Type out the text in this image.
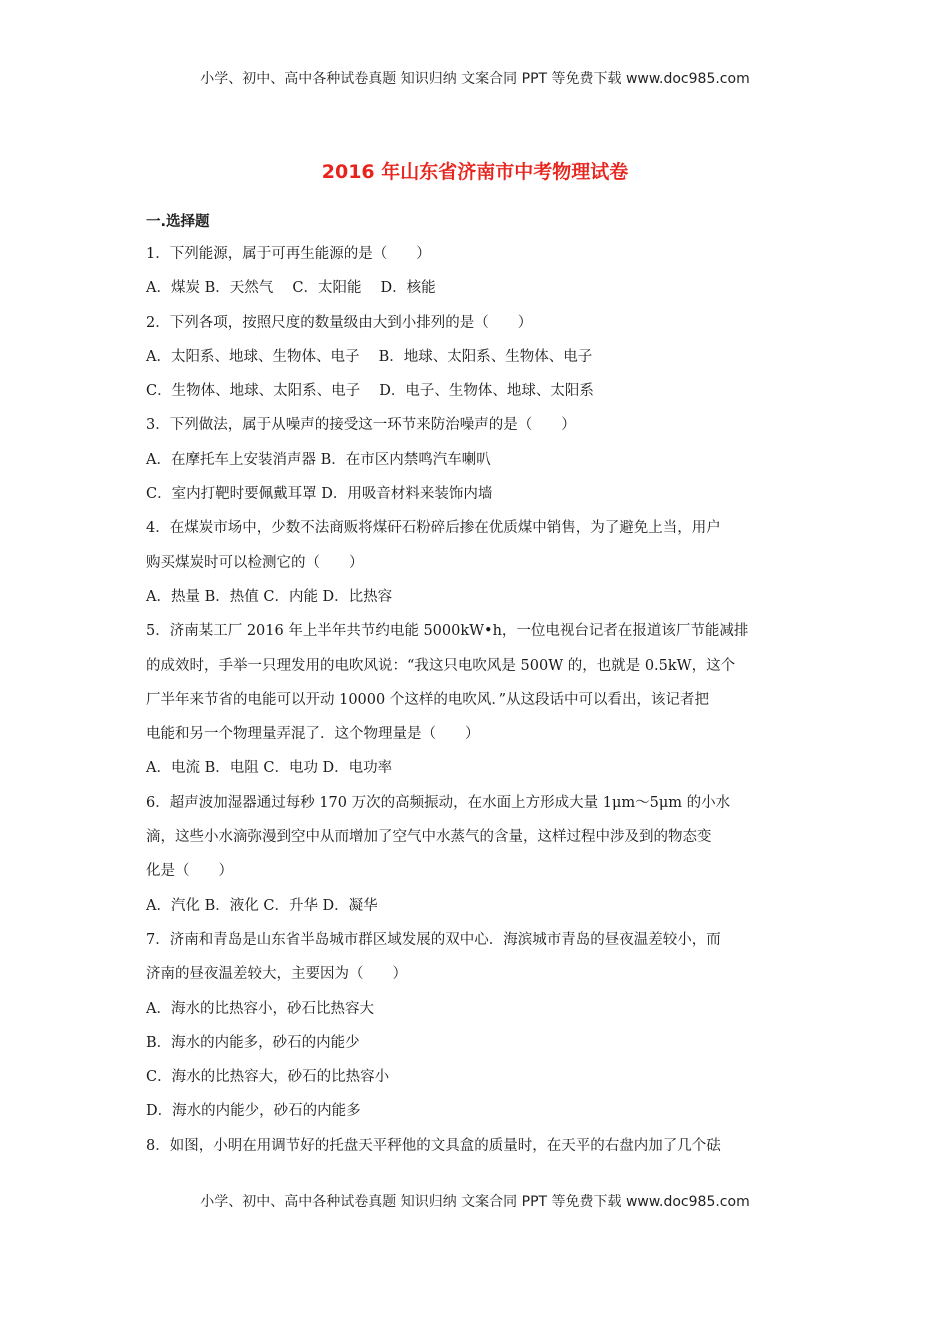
小学、初中、高中各种试卷真题 知识归纳 文案合同 PPT 等免费下载 www.doc985.com
2016 年山东省济南市中考物理试卷
一.选择题
1．下列能源，属于可再生能源的是（　　）
A．煤炭 B．天然气　 C．太阳能　 D．核能
2．下列各项，按照尺度的数量级由大到小排列的是（　　）
A．太阳系、地球、生物体、电子　 B．地球、太阳系、生物体、电子
C．生物体、地球、太阳系、电子　 D．电子、生物体、地球、太阳系
3．下列做法，属于从噪声的接受这一环节来防治噪声的是（　　）
A．在摩托车上安装消声器 B．在市区内禁鸣汽车喇叭
C．室内打靶时要佩戴耳罩 D．用吸音材料来装饰内墙
4．在煤炭市场中，少数不法商贩将煤矸石粉碎后掺在优质煤中销售，为了避免上当，用户
购买煤炭时可以检测它的（　　）
A．热量 B．热值 C．内能 D．比热容
5．济南某工厂 2016 年上半年共节约电能 5000kW•h，一位电视台记者在报道该厂节能减排
的成效时，手举一只理发用的电吹风说：“我这只电吹风是 500W 的，也就是 0.5kW，这个
厂半年来节省的电能可以开动 10000 个这样的电吹风．”从这段话中可以看出，该记者把
电能和另一个物理量弄混了．这个物理量是（　　）
A．电流 B．电阻 C．电功 D．电功率
6．超声波加湿器通过每秒 170 万次的高频振动，在水面上方形成大量 1μm～5μm 的小水
滴，这些小水滴弥漫到空中从而增加了空气中水蒸气的含量，这样过程中涉及到的物态变
化是（　　）
A．汽化 B．液化 C．升华 D．凝华
7．济南和青岛是山东省半岛城市群区域发展的双中心．海滨城市青岛的昼夜温差较小，而
济南的昼夜温差较大，主要因为（　　）
A．海水的比热容小，砂石比热容大
B．海水的内能多，砂石的内能少
C．海水的比热容大，砂石的比热容小
D．海水的内能少，砂石的内能多
8．如图，小明在用调节好的托盘天平秤他的文具盒的质量时，在天平的右盘内加了几个砝
小学、初中、高中各种试卷真题 知识归纳 文案合同 PPT 等免费下载 www.doc985.com
